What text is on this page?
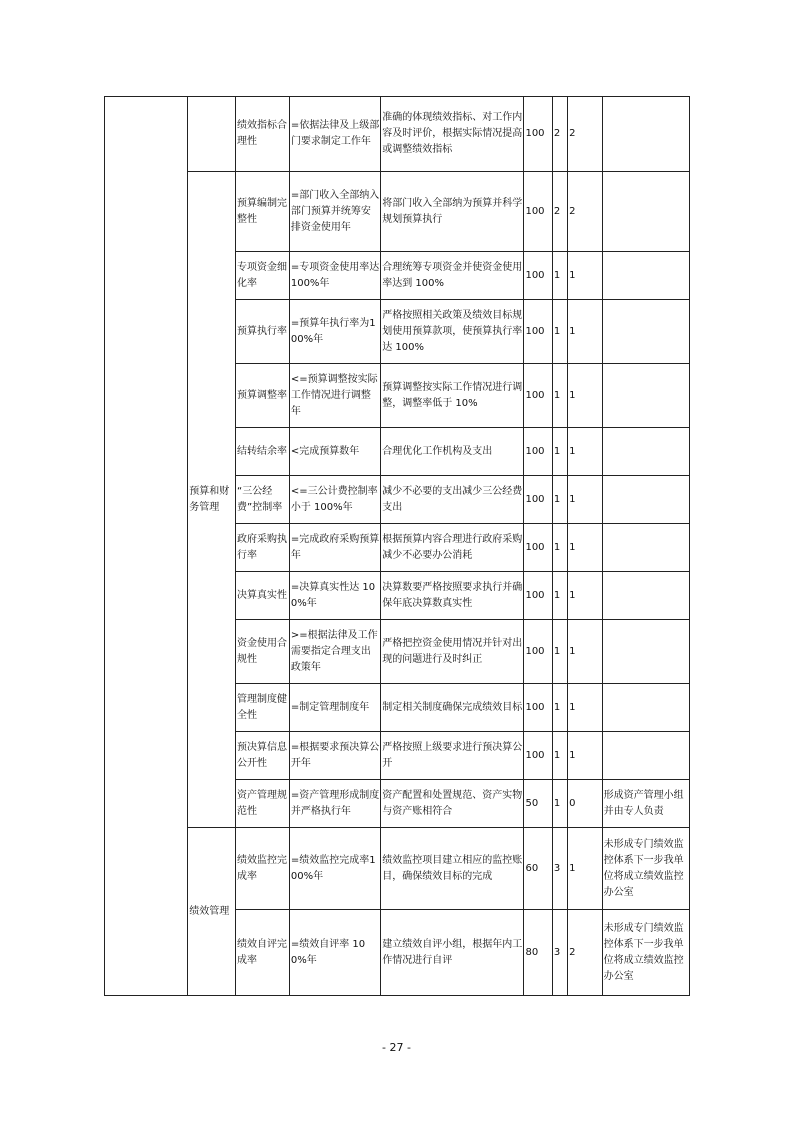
		绩效指标合理性	=依据法律及上级部门要求制定工作年	准确的体现绩效指标、对工作内容及时评价，根据实际情况提高或调整绩效指标	100	2	2	
	预算和财务管理	预算编制完整性	=部门收入全部纳入部门预算并统筹安排资金使用年	将部门收入全部纳为预算并科学规划预算执行	100	2	2	
		专项资金细化率	=专项资金使用率达100%年	合理统筹专项资金并使资金使用率达到 100%	100	1	1	
		预算执行率	=预算年执行率为100%年	严格按照相关政策及绩效目标规划使用预算款项，使预算执行率达 100%	100	1	1	
		预算调整率	<=预算调整按实际工作情况进行调整年	预算调整按实际工作情况进行调整，调整率低于 10%	100	1	1	
		结转结余率	<完成预算数年	合理优化工作机构及支出	100	1	1	
		“三公经费”控制率	<=三公计费控制率小于 100%年	减少不必要的支出减少三公经费支出	100	1	1	
		政府采购执行率	=完成政府采购预算年	根据预算内容合理进行政府采购减少不必要办公消耗	100	1	1	
		决算真实性	=决算真实性达 100%年	决算数要严格按照要求执行并确保年底决算数真实性	100	1	1	
		资金使用合规性	>=根据法律及工作需要指定合理支出政策年	严格把控资金使用情况并针对出现的问题进行及时纠正	100	1	1	
		管理制度健全性	=制定管理制度年	制定相关制度确保完成绩效目标	100	1	1	
		预决算信息公开性	=根据要求预决算公开年	严格按照上级要求进行预决算公开	100	1	1	
		资产管理规范性	=资产管理形成制度并严格执行年	资产配置和处置规范、资产实物与资产账相符合	50	1	0	形成资产管理小组并由专人负责
	绩效管理	绩效监控完成率	=绩效监控完成率100%年	绩效监控项目建立相应的监控账目，确保绩效目标的完成	60	3	1	未形成专门绩效监控体系下一步我单位将成立绩效监控办公室
		绩效自评完成率	=绩效自评率 100%年	建立绩效自评小组，根据年内工作情况进行自评	80	3	2	未形成专门绩效监控体系下一步我单位将成立绩效监控办公室
- 27 -
